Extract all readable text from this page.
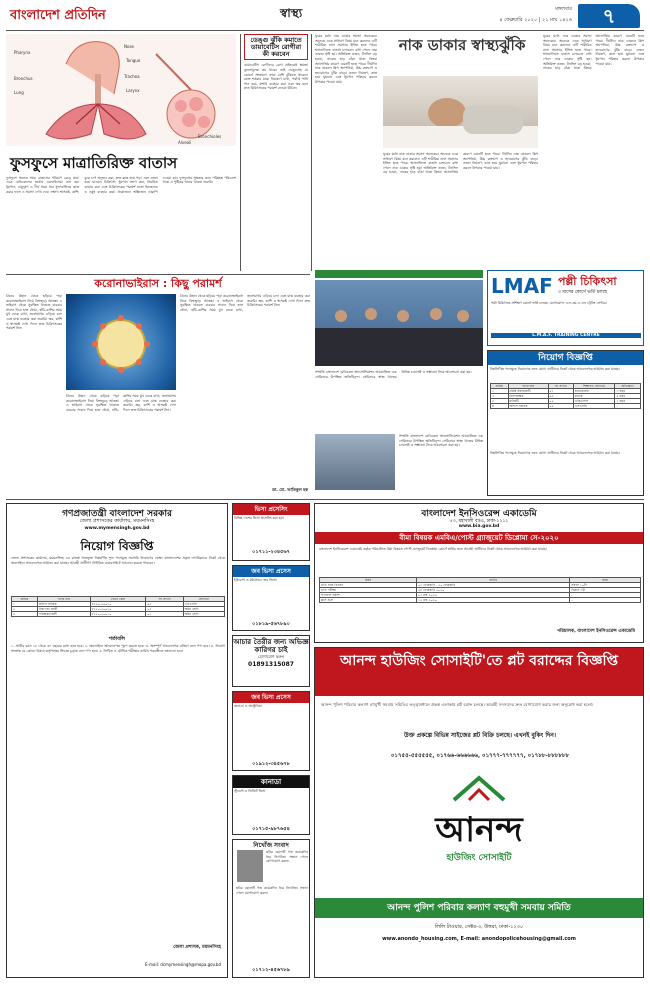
বাংলাদেশ প্রতিদিন	স্বাস্থ্য	মঙ্গলবার
৪ ফেব্রুয়ারি ২০২০ | ২১ মাঘ ১৪২৬	৭
Pharynx
Nose
Tongue
Trachea
Larynx
Bronchus
Lung
Alveoli
Bronchioles
ফুসফুসে মাত্রাতিরিক্ত বাতাস
ফুসফুসে অনেক সময় বাতাসের পরিমাণ বেড়ে যায়। একে মেডিকেলের ভাষায় এমফাইসেমা বলা হয়। ধূমপান, বায়ুদূষণ ও দীর্ঘ সময় ধরে ধুলাবালিতে কাজ করার ফলে এ সমস্যা দেখা দেয়। লক্ষণ: শ্বাসকষ্ট, কাশি, বুকে চাপ অনুভব করা, দ্রুত ক্লান্ত হয়ে পড়া এবং ওজন কমে যাওয়া। চিকিৎসা: ধূমপান ত্যাগ করা, নিয়মিত ব্যায়াম করা এবং চিকিৎসকের পরামর্শ মতো ইনহেলার ও ওষুধ ব্যবহার করা। প্রয়োজনে অক্সিজেন থেরাপি দেওয়া হয়। ফুসফুসের সুস্থতার জন্য পরিচ্ছন্ন পরিবেশে থাকা ও পুষ্টিকর খাবার খাওয়া জরুরি।
ডেঙ্গু ঝুঁকি কমাতে ডায়াবেটিস রোগীরা কী করবেন
ডায়াবেটিস রোগীদের রোগ প্রতিরোধ ক্ষমতা তুলনামূলক কম থাকে। তাই ডেঙ্গুসহ যে কোনো সংক্রমণে তারা বেশি ঝুঁকিতে থাকেন। রক্তে শর্করার মাত্রা নিয়ন্ত্রণে রাখা, পর্যাপ্ত পানি পান করা, মশারি ব্যবহার করা এবং জ্বর হলে দ্রুত চিকিৎসকের পরামর্শ নেওয়া উচিত।
ঘুমের মধ্যে নাক ডাকার সমস্যা অনেকের। অনেকে একে সাধারণ বিষয় মনে করলেও এটি শারীরিক নানা সমস্যার ইঙ্গিত হতে পারে। শ্বাসনালিতে বাতাস চলাচলে বাধা পেলে নাক ডাকার সৃষ্টি হয়। অতিরিক্ত ওজন, টনসিল বড় হওয়া, নাকের হাড় বাঁকা থাকা কিংবা অ্যালার্জির কারণে এমনটি হতে পারে। দীর্ঘদিন নাক ডাকলে স্লিপ অ্যাপনিয়া, উচ্চ রক্তচাপ ও হৃদরোগের ঝুঁকি বাড়ে। ওজন নিয়ন্ত্রণ, কাত হয়ে ঘুমানো এবং ধূমপান পরিহার করলে উপকার পাওয়া যায়।
নাক ডাকার স্বাস্থ্যঝুঁকি
ঘুমের মধ্যে নাক ডাকার সমস্যা অনেকের। অনেকে একে সাধারণ বিষয় মনে করলেও এটি শারীরিক নানা সমস্যার ইঙ্গিত হতে পারে। শ্বাসনালিতে বাতাস চলাচলে বাধা পেলে নাক ডাকার সৃষ্টি হয়। অতিরিক্ত ওজন, টনসিল বড় হওয়া, নাকের হাড় বাঁকা থাকা কিংবা অ্যালার্জির কারণে এমনটি হতে পারে। দীর্ঘদিন নাক ডাকলে স্লিপ অ্যাপনিয়া, উচ্চ রক্তচাপ ও হৃদরোগের ঝুঁকি বাড়ে। ওজন নিয়ন্ত্রণ, কাত হয়ে ঘুমানো এবং ধূমপান পরিহার করলে উপকার পাওয়া যায়।
ঘুমের মধ্যে নাক ডাকার সমস্যা অনেকের। অনেকে একে সাধারণ বিষয় মনে করলেও এটি শারীরিক নানা সমস্যার ইঙ্গিত হতে পারে। শ্বাসনালিতে বাতাস চলাচলে বাধা পেলে নাক ডাকার সৃষ্টি হয়। অতিরিক্ত ওজন, টনসিল বড় হওয়া, নাকের হাড় বাঁকা থাকা কিংবা অ্যালার্জির কারণে এমনটি হতে পারে। দীর্ঘদিন নাক ডাকলে স্লিপ অ্যাপনিয়া, উচ্চ রক্তচাপ ও হৃদরোগের ঝুঁকি বাড়ে। ওজন নিয়ন্ত্রণ, কাত হয়ে ঘুমানো এবং ধূমপান পরিহার করলে উপকার পাওয়া যায়।
করোনাভাইরাস : কিছু পরামর্শ
চীনের উহান থেকে ছড়িয়ে পড়া করোনাভাইরাস নিয়ে বিশ্বজুড়ে আতঙ্ক। এ ভাইরাস থেকে সুরক্ষিত থাকতে বারবার সাবান দিয়ে হাত ধোয়া, হাঁচি-কাশির সময় মুখ ঢেকে রাখা, জনসমাগম এড়িয়ে চলা এবং মাস্ক ব্যবহার করা জরুরি। জ্বর, কাশি ও শ্বাসকষ্ট দেখা দিলে দ্রুত চিকিৎসকের পরামর্শ নিন।
চীনের উহান থেকে ছড়িয়ে পড়া করোনাভাইরাস নিয়ে বিশ্বজুড়ে আতঙ্ক। এ ভাইরাস থেকে সুরক্ষিত থাকতে বারবার সাবান দিয়ে হাত ধোয়া, হাঁচি-কাশির সময় মুখ ঢেকে রাখা, জনসমাগম এড়িয়ে চলা এবং মাস্ক ব্যবহার করা জরুরি। জ্বর, কাশি ও শ্বাসকষ্ট দেখা দিলে দ্রুত চিকিৎসকের পরামর্শ নিন।
চীনের উহান থেকে ছড়িয়ে পড়া করোনাভাইরাস নিয়ে বিশ্বজুড়ে আতঙ্ক। এ ভাইরাস থেকে সুরক্ষিত থাকতে বারবার সাবান দিয়ে হাত ধোয়া, হাঁচি-কাশির সময় মুখ ঢেকে রাখা, জনসমাগম এড়িয়ে চলা এবং মাস্ক ব্যবহার করা জরুরি। জ্বর, কাশি ও শ্বাসকষ্ট দেখা দিলে দ্রুত চিকিৎসকের পরামর্শ নিন।
ডা. মো. আতিকুল হক
সম্প্রতি বাংলাদেশ মেডিকেল অ্যাসোসিয়েশন আয়োজিত এক সেমিনারে উপস্থিত অতিথিবৃন্দ। সেমিনারে স্বাস্থ্য খাতের বিভিন্ন চ্যালেঞ্জ ও সম্ভাবনা নিয়ে আলোচনা করা হয়।
সম্প্রতি বাংলাদেশ মেডিকেল অ্যাসোসিয়েশন আয়োজিত এক সেমিনারে উপস্থিত অতিথিবৃন্দ। সেমিনারে স্বাস্থ্য খাতের বিভিন্ন চ্যালেঞ্জ ও সম্ভাবনা নিয়ে আলোচনা করা হয়।
LMAF পল্লী চিকিৎসা
৩ মাসের কোর্সে ভর্তি চলছে
পল্লী চিকিৎসক প্রশিক্ষণ কোর্সে ভর্তি চলছে। যোগাযোগ: এল.এম.এ.এফ ট্রেনিং সেন্টার।
L.M.A.F. TRAINING CENTRE
নিয়োগ বিজ্ঞপ্তি
নিম্নলিখিত পদসমূহে নিয়োগের জন্য যোগ্য প্রার্থীদের নিকট থেকে আবেদনপত্র আহ্বান করা যাচ্ছে।
ক্রমিক	পদের নাম	পদ সংখ্যা	শিক্ষাগত যোগ্যতা	অভিজ্ঞতা
১	প্রকল্প সমন্বয়কারী	০১	স্নাতকোত্তর	৩ বছর
২	হিসাবরক্ষক	০২	স্নাতক	২ বছর
৩	মাঠকর্মী	০৫	এইচএসসি	১ বছর
৪	অফিস সহায়ক	০২	এসএসসি	-
নিম্নলিখিত পদসমূহে নিয়োগের জন্য যোগ্য প্রার্থীদের নিকট থেকে আবেদনপত্র আহ্বান করা যাচ্ছে।
গণপ্রজাতন্ত্রী বাংলাদেশ সরকার
জেলা প্রশাসকের কার্যালয়, ময়মনসিংহ
www.mymensingh.gov.bd
নিয়োগ বিজ্ঞপ্তি
জেলা প্রশাসকের কার্যালয়, ময়মনসিংহ এর রাজস্ব খাতভুক্ত নিম্নবর্ণিত শূন্য পদসমূহে সরাসরি নিয়োগের লক্ষ্যে বাংলাদেশের প্রকৃত নাগরিকদের নিকট থেকে অনলাইনে আবেদনপত্র আহ্বান করা যাচ্ছে। আগ্রহী প্রার্থীগণ নির্ধারিত ওয়েবসাইটে আবেদন করতে পারবেন।
ক্রমিক	পদের নাম	বেতন স্কেল	পদ সংখ্যা	যোগ্যতা
১	অফিস সহায়ক	৮২৫০-২০০১০	০৫	এসএসসি
২	নিরাপত্তা প্রহরী	৮২৫০-২০০১০	০২	অষ্টম শ্রেণি
৩	পরিচ্ছন্নতাকর্মী	৮২৫০-২০০১০	০১	অষ্টম শ্রেণি
শর্তাবলি
১. প্রার্থীর বয়স ১৮ থেকে ৩০ বছরের মধ্যে হতে হবে। ২. অনলাইনে আবেদনপত্র পূরণ করতে হবে। ৩. অসম্পূর্ণ আবেদনপত্র বাতিল বলে গণ্য হবে। ৪. নিয়োগ সংক্রান্ত যে কোনো বিষয়ে কর্তৃপক্ষের সিদ্ধান্ত চূড়ান্ত বলে গণ্য হবে। ৫. লিখিত ও মৌখিক পরীক্ষার তারিখ পরবর্তীতে জানানো হবে।
জেলা প্রশাসক, ময়মনসিংহ
E-mail: dcmymensingh@mopa.gov.bd
ভিসা প্রসেসিং
বিভিন্ন দেশের ভিসা প্রসেসিং করা হয়।
০১৭১১-২৩৪৫৬৭
জব ভিসা প্রসেস
ইউরোপ ও মধ্যপ্রাচ্যে জব ভিসা।
০১৮১৯-৫৬৭৮৯০
আচার তৈরীর জন্য অভিজ্ঞ কারিগর চাই
যোগাযোগ করুন
01891315087
জব ভিসা প্রসেস
কানাডা ও অস্ট্রেলিয়া
০১৯১২-৩৪৫৬৭৮
কানাডা
স্টুডেন্ট ও ভিজিট ভিসা
০১৭১৫-৯৮৭৬৫৪
নিখোঁজ সংবাদ
ছবির ছেলেটি গত কয়েকদিন ধরে নিখোঁজ। সন্ধান পেলে যোগাযোগ করুন।
ছবির ছেলেটি গত কয়েকদিন ধরে নিখোঁজ। সন্ধান পেলে যোগাযোগ করুন।
০১৭১২-৪৫৬৭৮৯
বাংলাদেশ ইনসিওরেন্স একাডেমি
৫৩, মহাখালী বা/এ, ঢাকা-১২১২
www.bia.gov.bd
বীমা বিষয়ক এমবিএ/পোস্ট গ্র্যাজুয়েট ডিপ্লোমা সে-২০২০
বাংলাদেশ ইনসিওরেন্স একাডেমি কর্তৃক পরিচালিত বীমা বিষয়ক পোস্ট গ্র্যাজুয়েট ডিপ্লোমা কোর্সে ভর্তির জন্য আগ্রহী প্রার্থীদের নিকট থেকে আবেদনপত্র আহ্বান করা যাচ্ছে।
বিষয়	তারিখ	সময়
ভর্তি ফরম বিতরণ	০৫ ফেব্রুয়ারি - ২০ ফেব্রুয়ারি	সকাল ১০টা
ভর্তি পরীক্ষা	২৮ ফেব্রুয়ারি ২০২০	বিকাল ৩টা
ফলাফল প্রকাশ	০৫ মার্চ ২০২০	-
ক্লাস শুরু	১৫ মার্চ ২০২০	-
পরিচালক, বাংলাদেশ ইনসিওরেন্স একাডেমি
আনন্দ হাউজিং সোসাইটি'তে প্লট বরাদ্দের বিজ্ঞপ্তি
আনন্দ পুলিশ পরিবার কল্যাণ বহুমুখী সমবায় সমিতির তত্ত্বাবধানে প্রকল্প এলাকায় প্লট বরাদ্দ চলছে। আগ্রহী সদস্যদের দ্রুত যোগাযোগ করার জন্য অনুরোধ করা হলো।
উক্ত প্রকল্পে বিভিন্ন সাইজের প্লট বিক্রি চলছে। এখনই বুকিং দিন।
০১৭৫৫-৫৫৫৫৫৫, ০১৭৬৬-৬৬৬৬৬৬, ০১৭৭৭-৭৭৭৭৭৭, ০১৭৮৮-৮৮৮৮৮৮
আনন্দ
হাউজিং সোসাইটি
আনন্দ পুলিশ পরিবার কল্যাণ বহুমুখী সমবায় সমিতি
লিলি টাওয়ার, সেক্টর-৩, উত্তরা, ঢাকা-১২৩০
www.anondo_housing.com, E-mail: anondopolicehousing@gmail.com
